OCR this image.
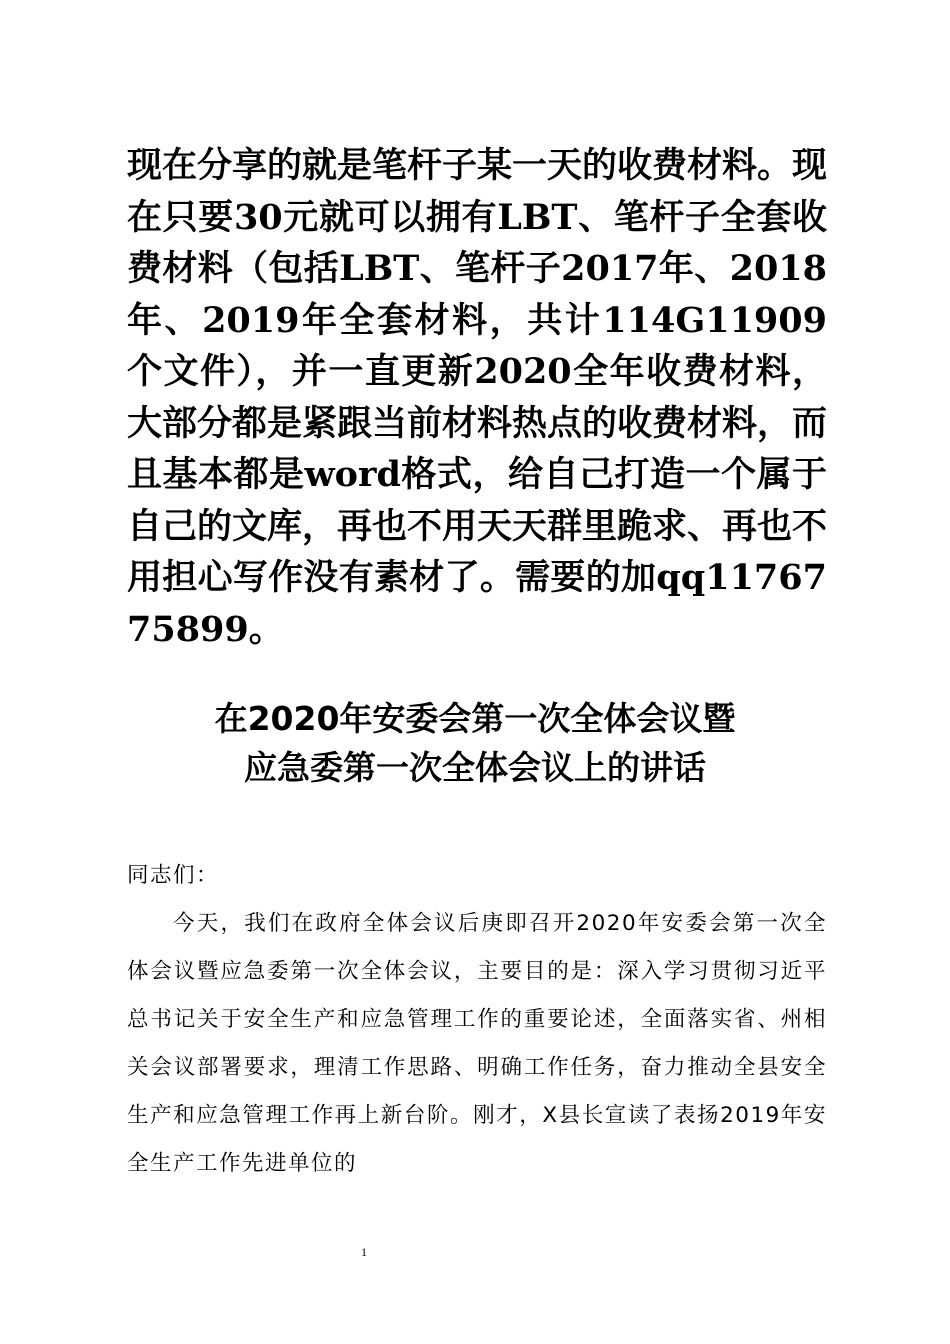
现在分享的就是笔杆子某一天的收费材料。现在只要30元就可以拥有LBT、笔杆子全套收费材料（包括LBT、笔杆子2017年、2018年、2019年全套材料，共计114G11909个文件），并一直更新2020全年收费材料，大部分都是紧跟当前材料热点的收费材料，而且基本都是word格式，给自己打造一个属于自己的文库，再也不用天天群里跪求、再也不用担心写作没有素材了。需要的加qq1176775899。

在2020年安委会第一次全体会议暨
应急委第一次全体会议上的讲话

同志们：

今天，我们在政府全体会议后庚即召开2020年安委会第一次全体会议暨应急委第一次全体会议，主要目的是：深入学习贯彻习近平总书记关于安全生产和应急管理工作的重要论述，全面落实省、州相关会议部署要求，理清工作思路、明确工作任务，奋力推动全县安全生产和应急管理工作再上新台阶。刚才，X县长宣读了表扬2019年安全生产工作先进单位的

1
